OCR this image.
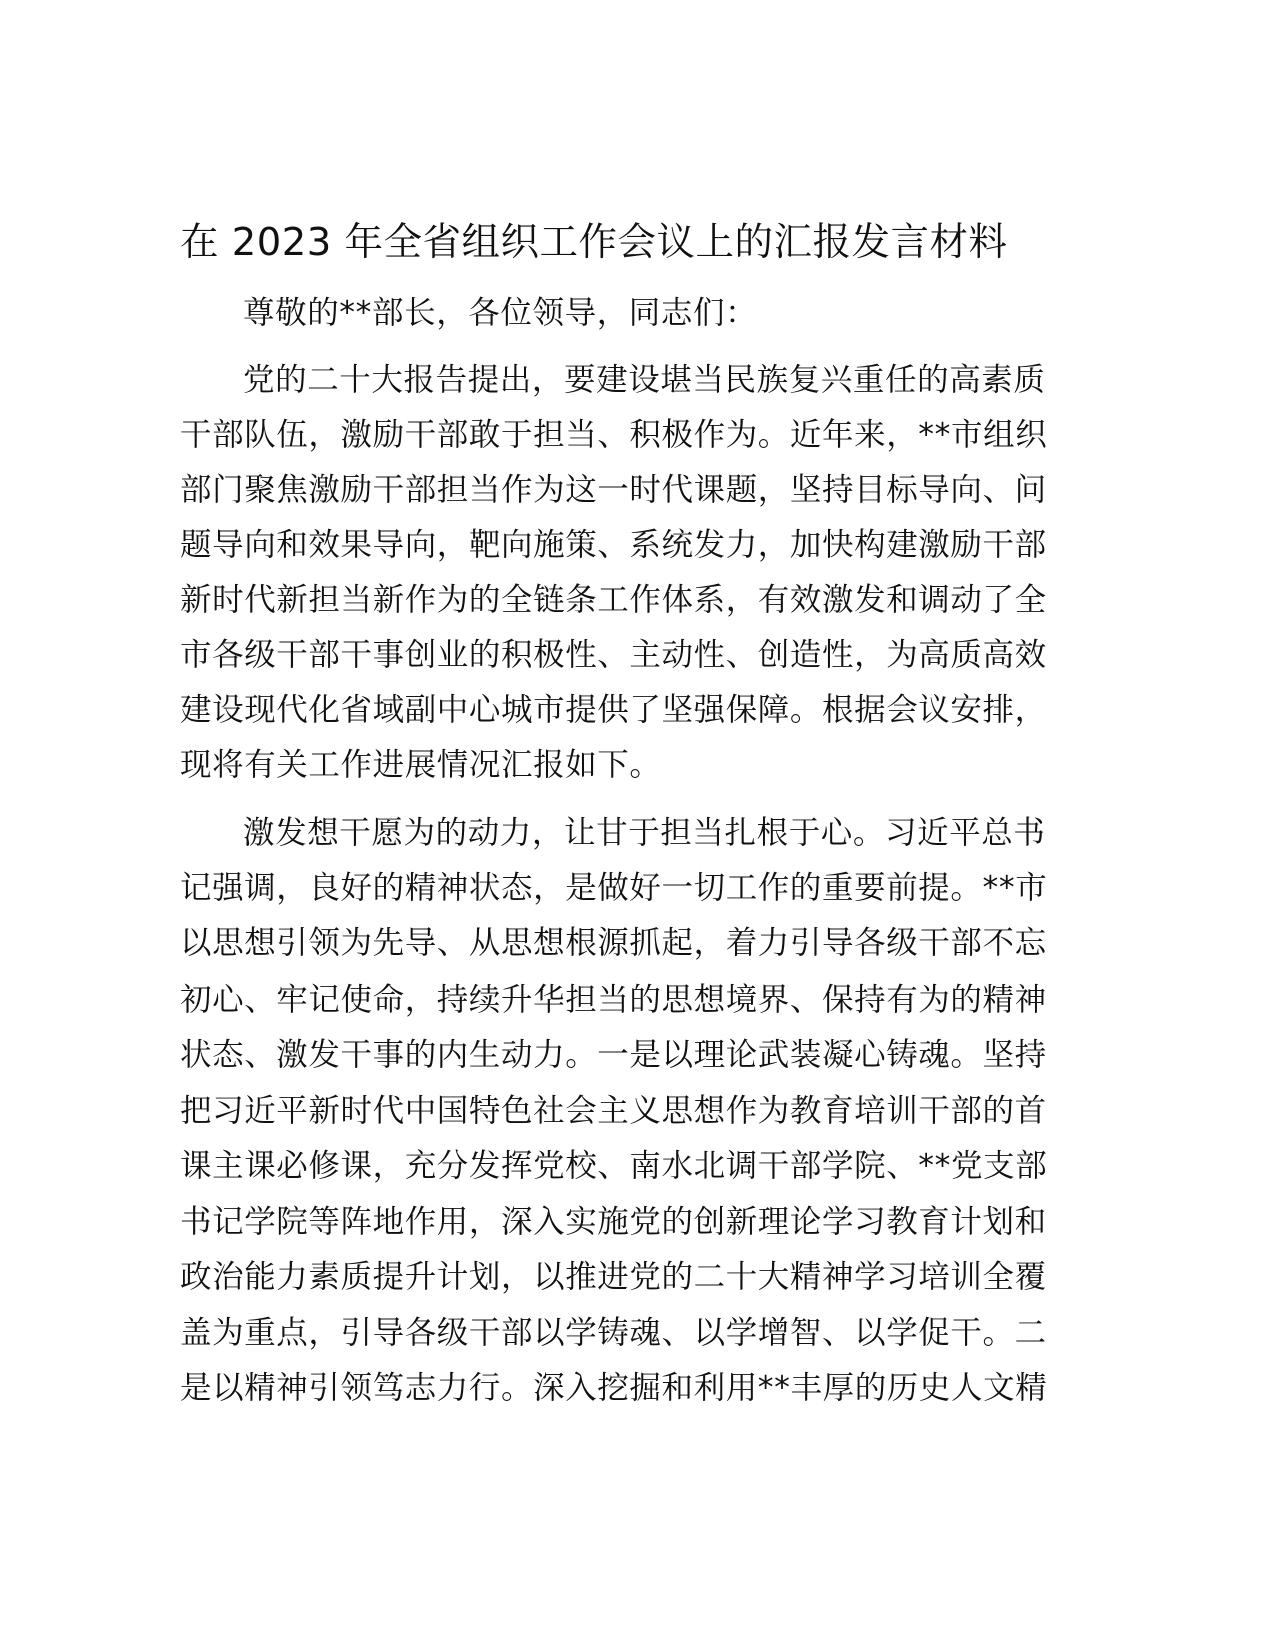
在 2023 年全省组织工作会议上的汇报发言材料
尊敬的**部长，各位领导，同志们：
党的二十大报告提出，要建设堪当民族复兴重任的高素质
干部队伍，激励干部敢于担当、积极作为。近年来，**市组织
部门聚焦激励干部担当作为这一时代课题，坚持目标导向、问
题导向和效果导向，靶向施策、系统发力，加快构建激励干部
新时代新担当新作为的全链条工作体系，有效激发和调动了全
市各级干部干事创业的积极性、主动性、创造性，为高质高效
建设现代化省域副中心城市提供了坚强保障。根据会议安排，
现将有关工作进展情况汇报如下。
激发想干愿为的动力，让甘于担当扎根于心。习近平总书
记强调，良好的精神状态，是做好一切工作的重要前提。**市
以思想引领为先导、从思想根源抓起，着力引导各级干部不忘
初心、牢记使命，持续升华担当的思想境界、保持有为的精神
状态、激发干事的内生动力。一是以理论武装凝心铸魂。坚持
把习近平新时代中国特色社会主义思想作为教育培训干部的首
课主课必修课，充分发挥党校、南水北调干部学院、**党支部
书记学院等阵地作用，深入实施党的创新理论学习教育计划和
政治能力素质提升计划，以推进党的二十大精神学习培训全覆
盖为重点，引导各级干部以学铸魂、以学增智、以学促干。二
是以精神引领笃志力行。深入挖掘和利用**丰厚的历史人文精
